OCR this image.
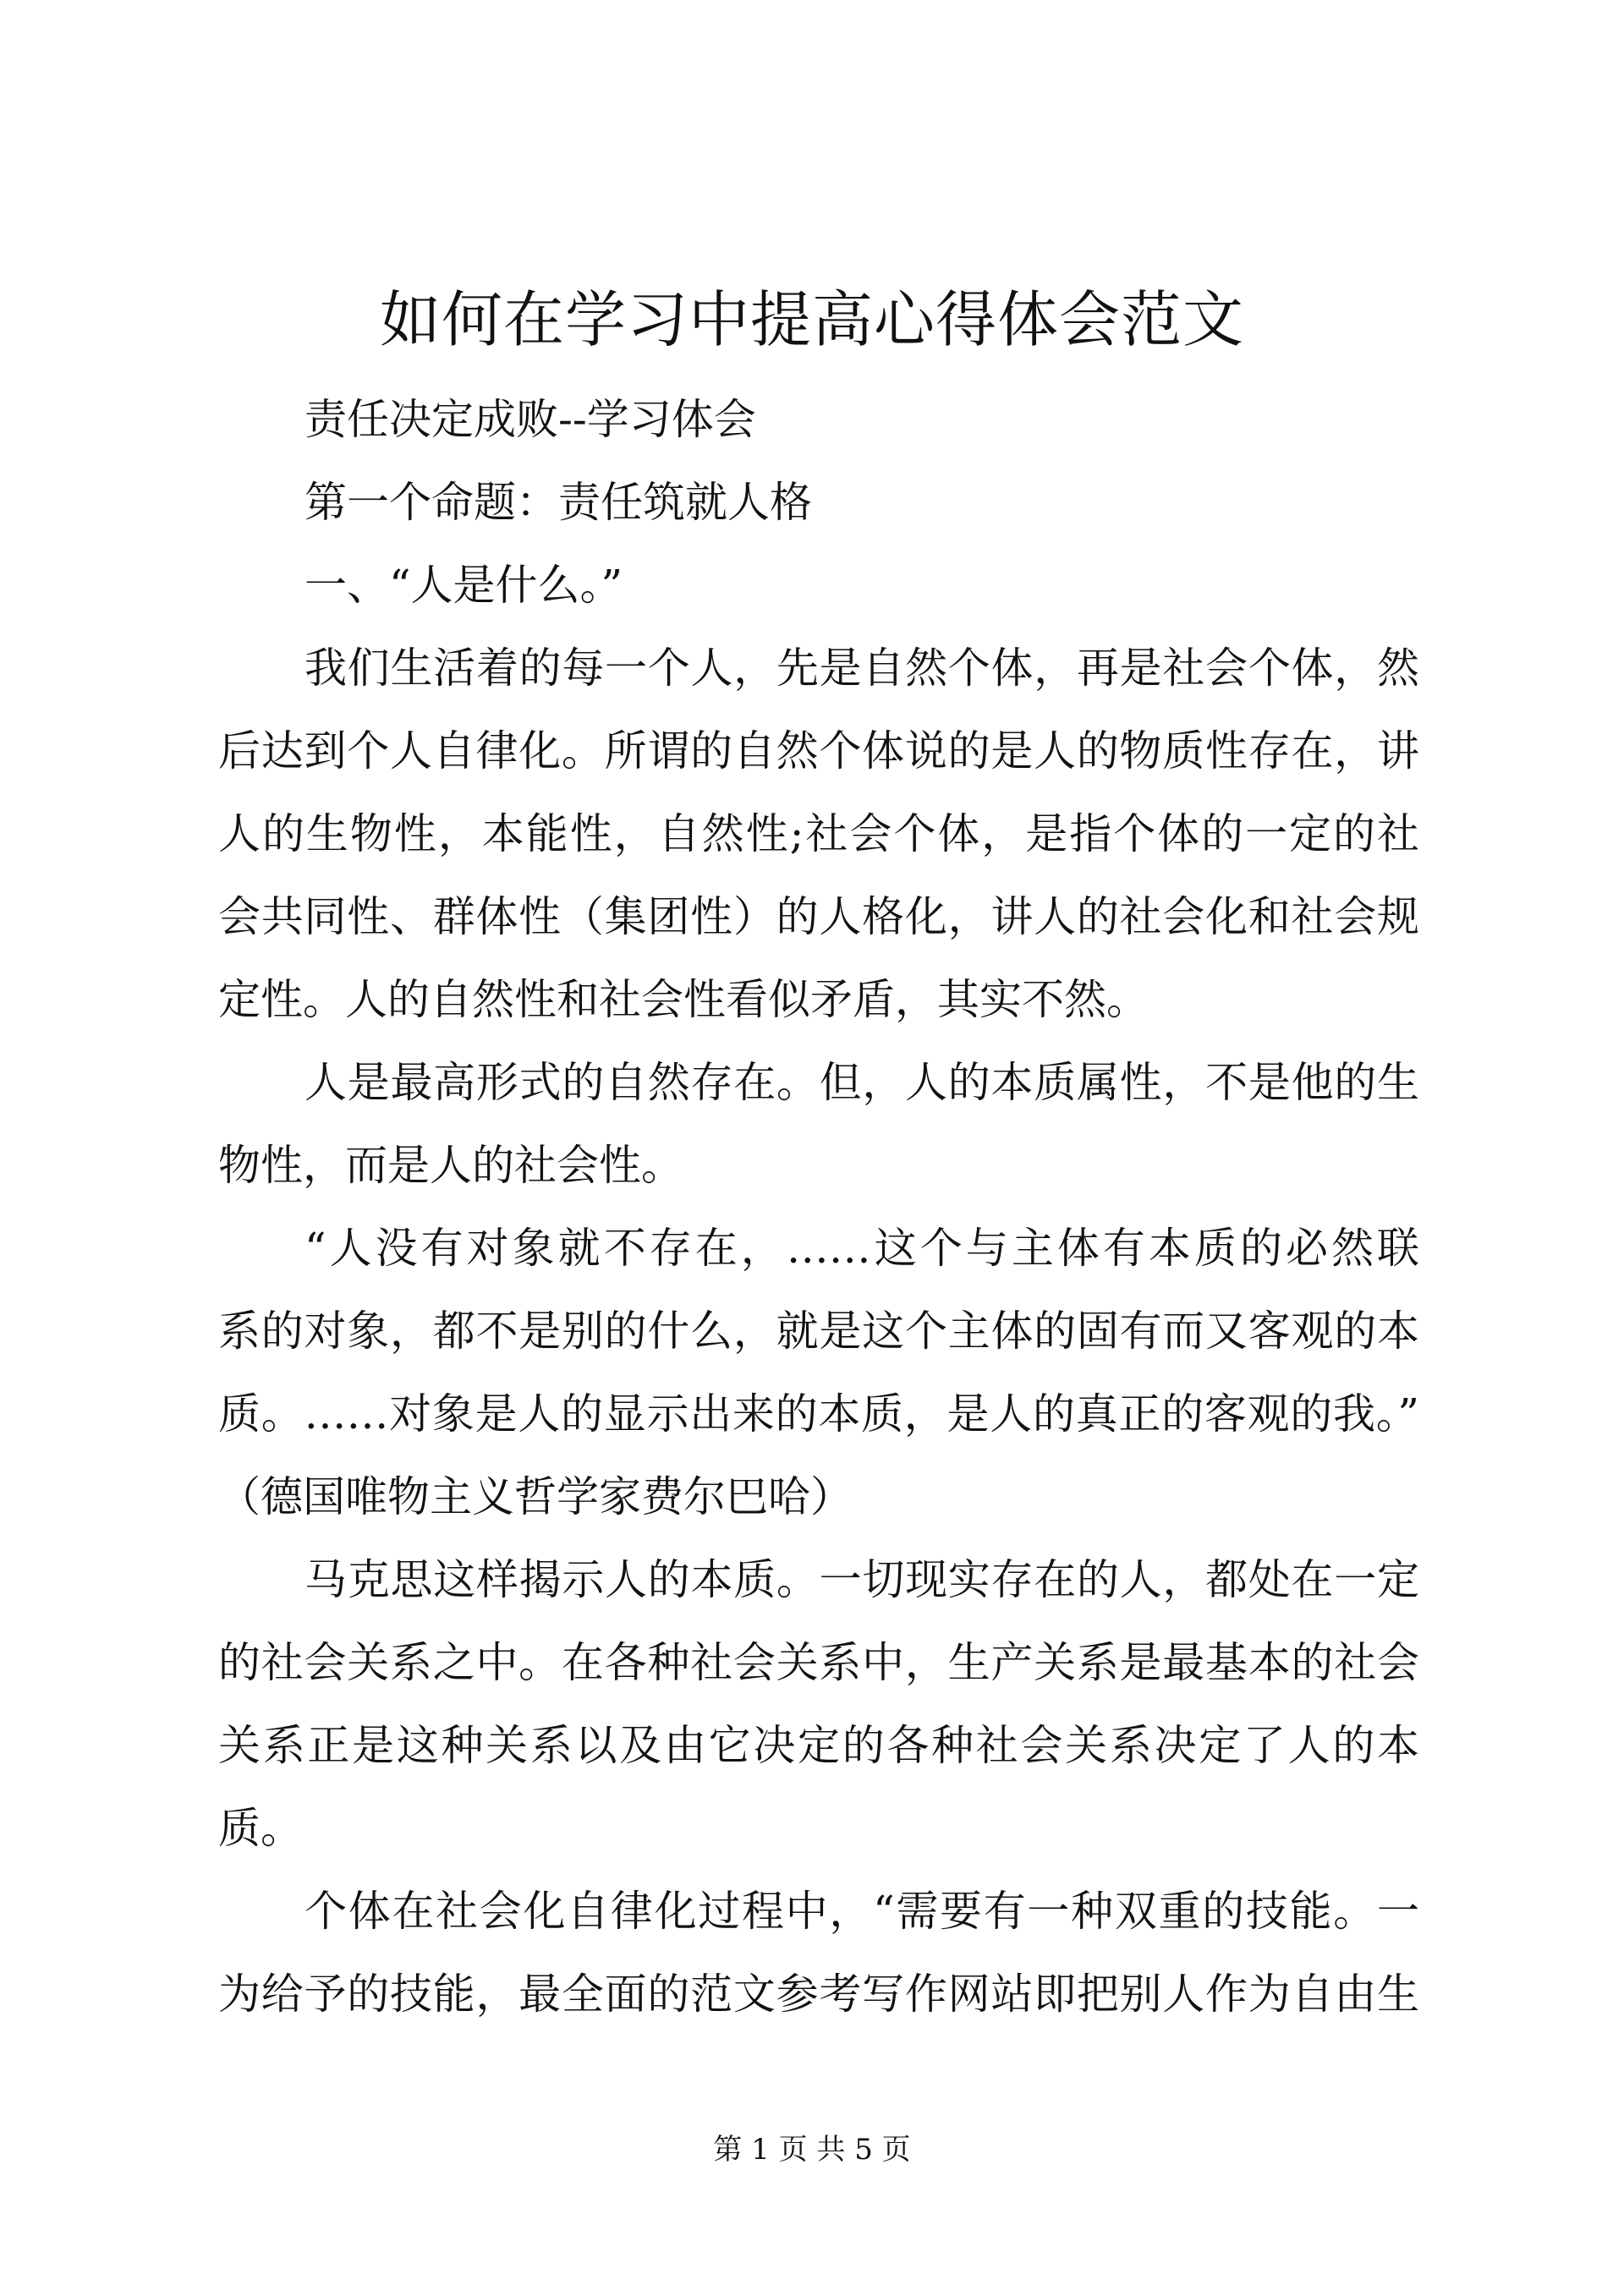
如何在学习中提高心得体会范文
责任决定成败--学习体会
第一个命题：责任筑就人格
一、“人是什么。”
我们生活着的每一个人，先是自然个体，再是社会个体，然
后达到个人自律化。所谓的自然个体说的是人的物质性存在，讲
人的生物性，本能性，自然性;社会个体，是指个体的一定的社
会共同性、群体性（集团性）的人格化，讲人的社会化和社会规
定性。人的自然性和社会性看似矛盾，其实不然。
人是最高形式的自然存在。但，人的本质属性，不是他的生
物性，而是人的社会性。
“人没有对象就不存在，……这个与主体有本质的必然联
系的对象，都不是别的什么，就是这个主体的固有而又客观的本
质。……对象是人的显示出来的本质，是人的真正的客观的我。”
（德国唯物主义哲学家费尔巴哈）
马克思这样揭示人的本质。一切现实存在的人，都处在一定
的社会关系之中。在各种社会关系中，生产关系是最基本的社会
关系正是这种关系以及由它决定的各种社会关系决定了人的本
质。
个体在社会化自律化过程中，“需要有一种双重的技能。一
为给予的技能，最全面的范文参考写作网站即把别人作为自由生
第 1 页 共 5 页
